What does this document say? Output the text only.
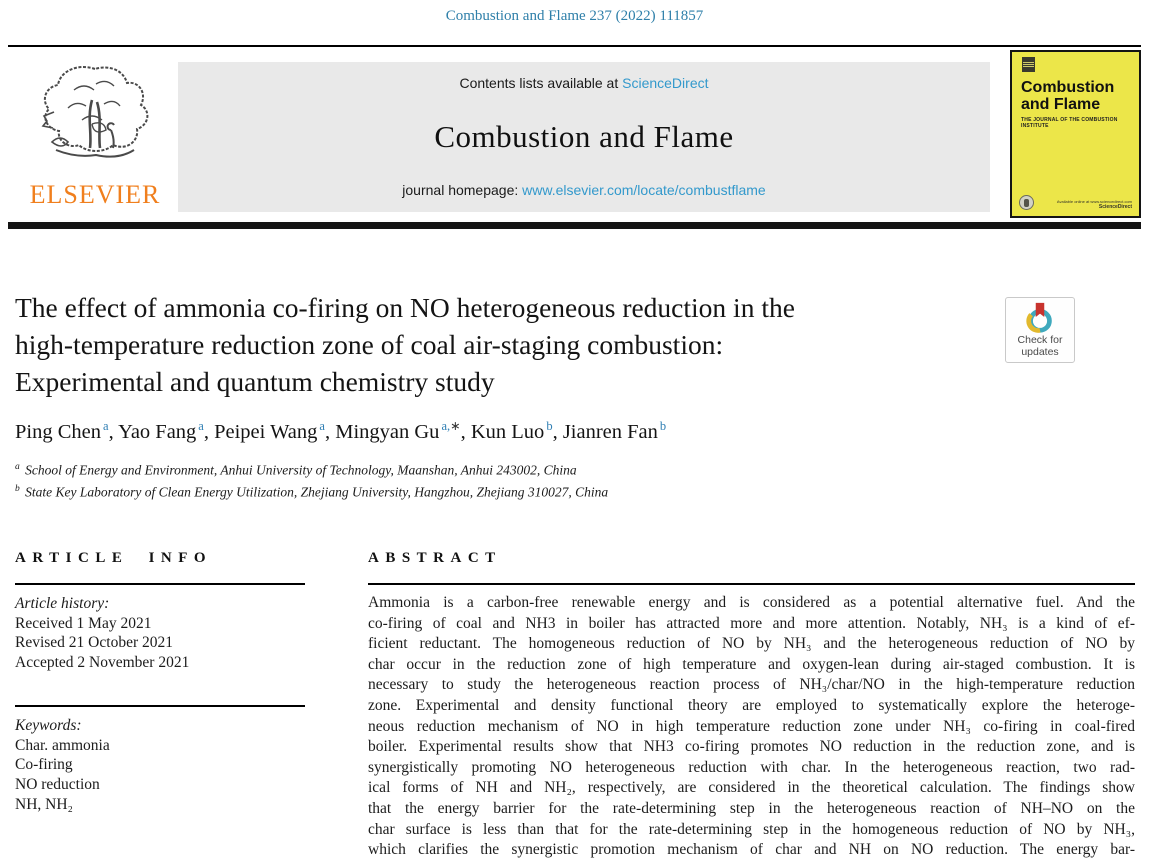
Combustion and Flame 237 (2022) 111857
ELSEVIER
Contents lists available at ScienceDirect
Combustion and Flame
journal homepage: www.elsevier.com/locate/combustflame
Combustion
and Flame
THE JOURNAL OF THE COMBUSTION INSTITUTE
Available online at www.sciencedirect.com
ScienceDirect
The effect of ammonia co-firing on NO heterogeneous reduction in the
high-temperature reduction zone of coal air-staging combustion:
Experimental and quantum chemistry study
Check for
updates
Ping Chen $^a$, Yao Fang $^a$, Peipei Wang $^a$, Mingyan Gu $^{a,∗}$, Kun Luo $^b$, Jianren Fan $^b$
$^a$ School of Energy and Environment, Anhui University of Technology, Maanshan, Anhui 243002, China
$^b$ State Key Laboratory of Clean Energy Utilization, Zhejiang University, Hangzhou, Zhejiang 310027, China
ARTICLE INFO
Article history:
Received 1 May 2021
Revised 21 October 2021
Accepted 2 November 2021
Keywords:
Char. ammonia
Co-firing
NO reduction
NH, NH₂
ABSTRACT
Ammonia is a carbon-free renewable energy and is considered as a potential alternative fuel. And the
co-firing of coal and NH3 in boiler has attracted more and more attention. Notably, NH₃ is a kind of ef-
ficient reductant. The homogeneous reduction of NO by NH₃ and the heterogeneous reduction of NO by
char occur in the reduction zone of high temperature and oxygen-lean during air-staged combustion. It is
necessary to study the heterogeneous reaction process of NH₃/char/NO in the high-temperature reduction
zone. Experimental and density functional theory are employed to systematically explore the heteroge-
neous reduction mechanism of NO in high temperature reduction zone under NH₃ co-firing in coal-fired
boiler. Experimental results show that NH3 co-firing promotes NO reduction in the reduction zone, and is
synergistically promoting NO heterogeneous reduction with char. In the heterogeneous reaction, two rad-
ical forms of NH and NH₂, respectively, are considered in the theoretical calculation. The findings show
that the energy barrier for the rate-determining step in the heterogeneous reaction of NH–NO on the
char surface is less than that for the rate-determining step in the homogeneous reduction of NO by NH₃,
which clarifies the synergistic promotion mechanism of char and NH on NO reduction. The energy bar-
